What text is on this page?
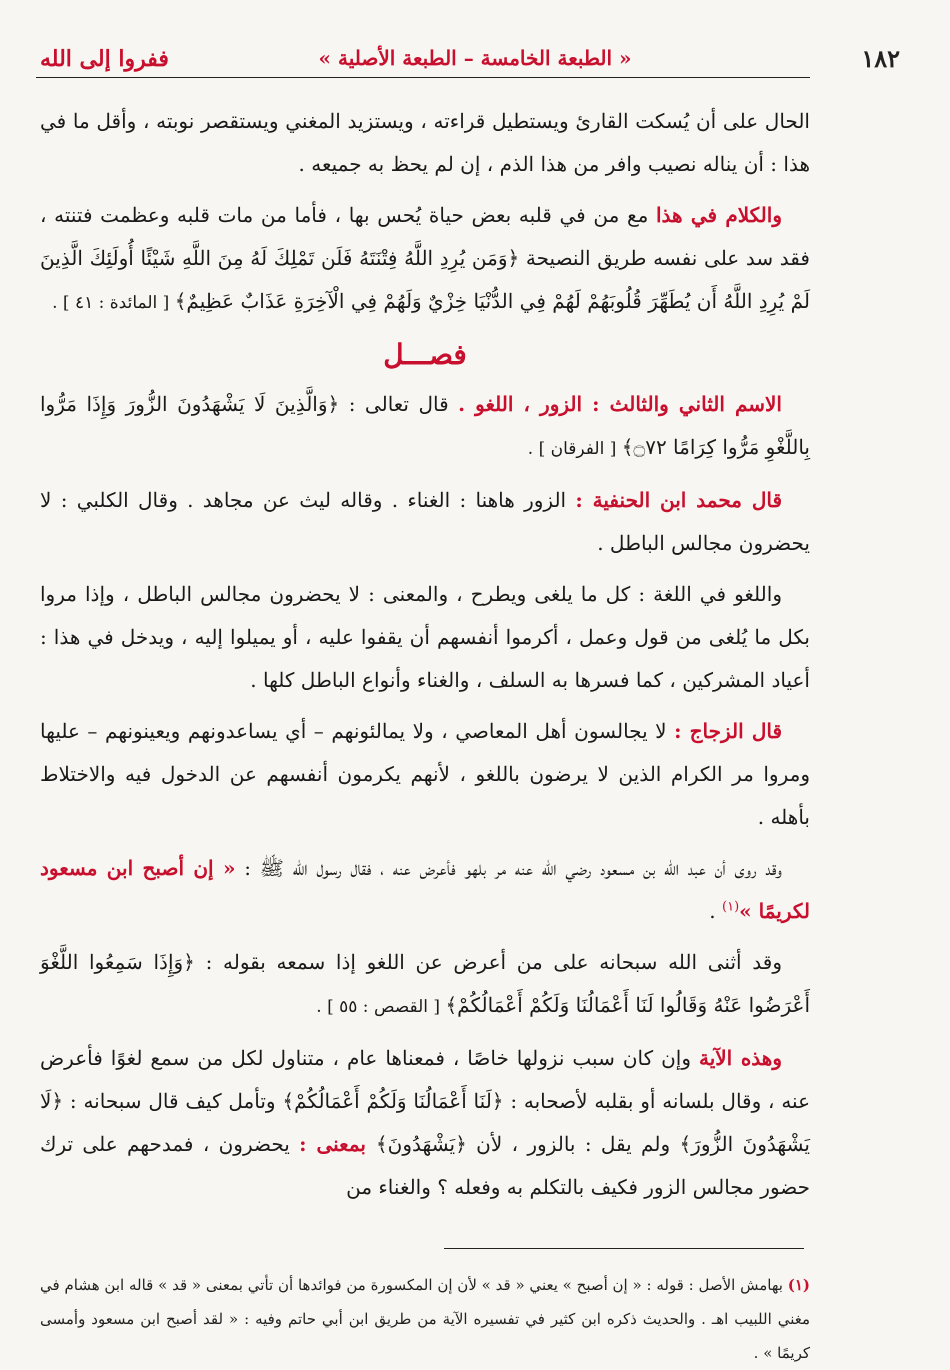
١٨٢
« الطبعة الخامسة – الطبعة الأصلية »
ففروا إلى الله

الحال على أن يُسكت القارئ ويستطيل قراءته ، ويستزيد المغني ويستقصر نوبته ، وأقل ما في هذا : أن يناله نصيب وافر من هذا الذم ، إن لم يحظ به جميعه .

والكلام في هذا مع من في قلبه بعض حياة يُحس بها ، فأما من مات قلبه وعظمت فتنته ، فقد سد على نفسه طريق النصيحة ﴿وَمَن يُرِدِ اللَّهُ فِتْنَتَهُ فَلَن تَمْلِكَ لَهُ مِنَ اللَّهِ شَيْئًا أُولَئِكَ الَّذِينَ لَمْ يُرِدِ اللَّهُ أَن يُطَهِّرَ قُلُوبَهُمْ لَهُمْ فِي الدُّنْيَا خِزْيٌ وَلَهُمْ فِي الْآخِرَةِ عَذَابٌ عَظِيمٌ﴾ [ المائدة : ٤١ ] .

فصـــل

الاسم الثاني والثالث : الزور ، اللغو . قال تعالى : ﴿وَالَّذِينَ لَا يَشْهَدُونَ الزُّورَ وَإِذَا مَرُّوا بِاللَّغْوِ مَرُّوا كِرَامًا ۝٧٢﴾ [ الفرقان ] .

قال محمد ابن الحنفية : الزور هاهنا : الغناء . وقاله ليث عن مجاهد . وقال الكلبي : لا يحضرون مجالس الباطل .

واللغو في اللغة : كل ما يلغى ويطرح ، والمعنى : لا يحضرون مجالس الباطل ، وإذا مروا بكل ما يُلغى من قول وعمل ، أكرموا أنفسهم أن يقفوا عليه ، أو يميلوا إليه ، ويدخل في هذا : أعياد المشركين ، كما فسرها به السلف ، والغناء وأنواع الباطل كلها .

قال الزجاج : لا يجالسون أهل المعاصي ، ولا يمالئونهم – أي يساعدونهم ويعينونهم – عليها ومروا مر الكرام الذين لا يرضون باللغو ، لأنهم يكرمون أنفسهم عن الدخول فيه والاختلاط بأهله .

وقد روى أن عبد الله بن مسعود رضي الله عنه مر بلهو فأعرض عنه ، فقال رسول الله ﷺ : « إن أصبح ابن مسعود لكريمًا »$^{(١)}$ .

وقد أثنى الله سبحانه على من أعرض عن اللغو إذا سمعه بقوله : ﴿وَإِذَا سَمِعُوا اللَّغْوَ أَعْرَضُوا عَنْهُ وَقَالُوا لَنَا أَعْمَالُنَا وَلَكُمْ أَعْمَالُكُمْ﴾ [ القصص : ٥٥ ] .

وهذه الآية وإن كان سبب نزولها خاصًا ، فمعناها عام ، متناول لكل من سمع لغوًا فأعرض عنه ، وقال بلسانه أو بقلبه لأصحابه : ﴿لَنَا أَعْمَالُنَا وَلَكُمْ أَعْمَالُكُمْ﴾ وتأمل كيف قال سبحانه : ﴿لَا يَشْهَدُونَ الزُّورَ﴾ ولم يقل : بالزور ، لأن ﴿يَشْهَدُونَ﴾ بمعنى : يحضرون ، فمدحهم على ترك حضور مجالس الزور فكيف بالتكلم به وفعله ؟ والغناء من

(١) بهامش الأصل : قوله : « إن أصبح » يعني « قد » لأن إن المكسورة من فوائدها أن تأتي بمعنى « قد » قاله ابن هشام في مغني اللبيب اهـ . والحديث ذكره ابن كثير في تفسيره الآية من طريق ابن أبي حاتم وفيه : « لقد أصبح ابن مسعود وأمسى كريمًا » .
